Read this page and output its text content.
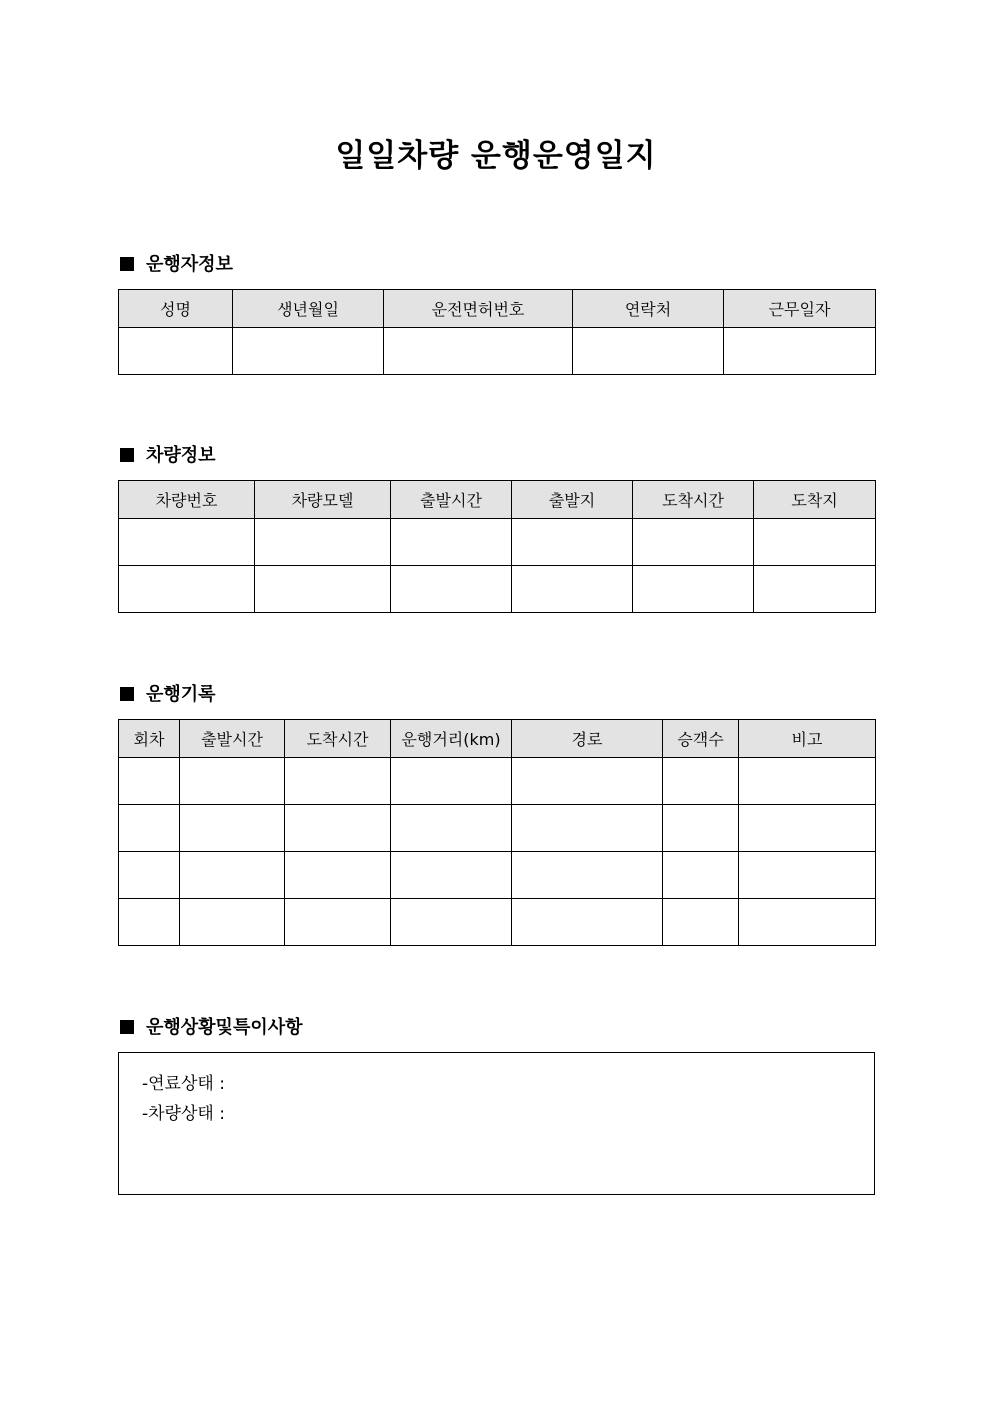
일일차량 운행운영일지
운행자정보
성명	생년월일	운전면허번호	연락처	근무일자

차량정보
차량번호	차량모델	출발시간	출발지	도착시간	도착지

운행기록
회차	출발시간	도착시간	운행거리(km)	경로	승객수	비고

운행상황및특이사항
-연료상태 :
-차량상태 :
